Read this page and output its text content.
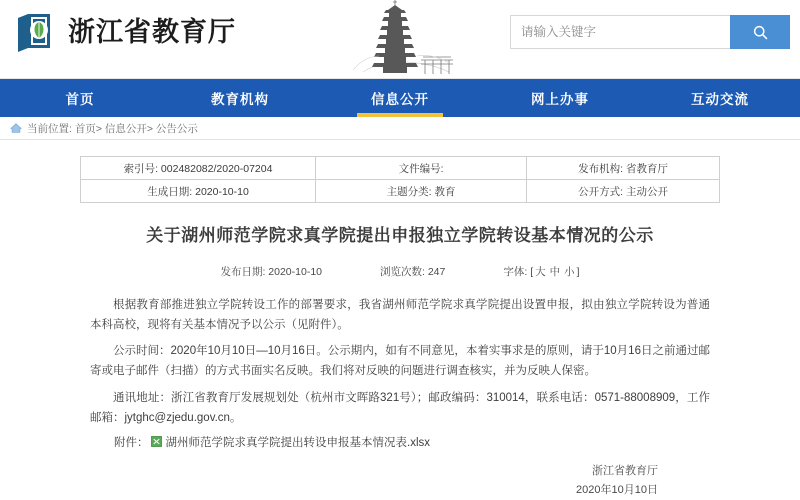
浙江省教育厅
请输入关键字
首页	教育机构	信息公开	网上办事	互动交流
当前位置: 首页> 信息公开> 公告公示
索引号: 002482082/2020-07204	文件编号:	发布机构: 省教育厅
生成日期: 2020-10-10	主题分类: 教育	公开方式: 主动公开
关于湖州师范学院求真学院提出申报独立学院转设基本情况的公示
发布日期: 2020-10-10	浏览次数: 247	字体: [ 大 中 小 ]

根据教育部推进独立学院转设工作的部署要求，我省湖州师范学院求真学院提出设置申报，拟由独立学院转设为普通本科高校，现将有关基本情况予以公示（见附件）。

公示时间：2020年10月10日—10月16日。公示期内，如有不同意见，本着实事求是的原则，请于10月16日之前通过邮寄或电子邮件（扫描）的方式书面实名反映。我们将对反映的问题进行调查核实，并为反映人保密。

通讯地址：浙江省教育厅发展规划处（杭州市文晖路321号）；邮政编码：310014，联系电话：0571-88008909，工作邮箱：jytghc@zjedu.gov.cn。

附件： 湖州师范学院求真学院提出转设申报基本情况表.xlsx
浙江省教育厅
2020年10月10日
